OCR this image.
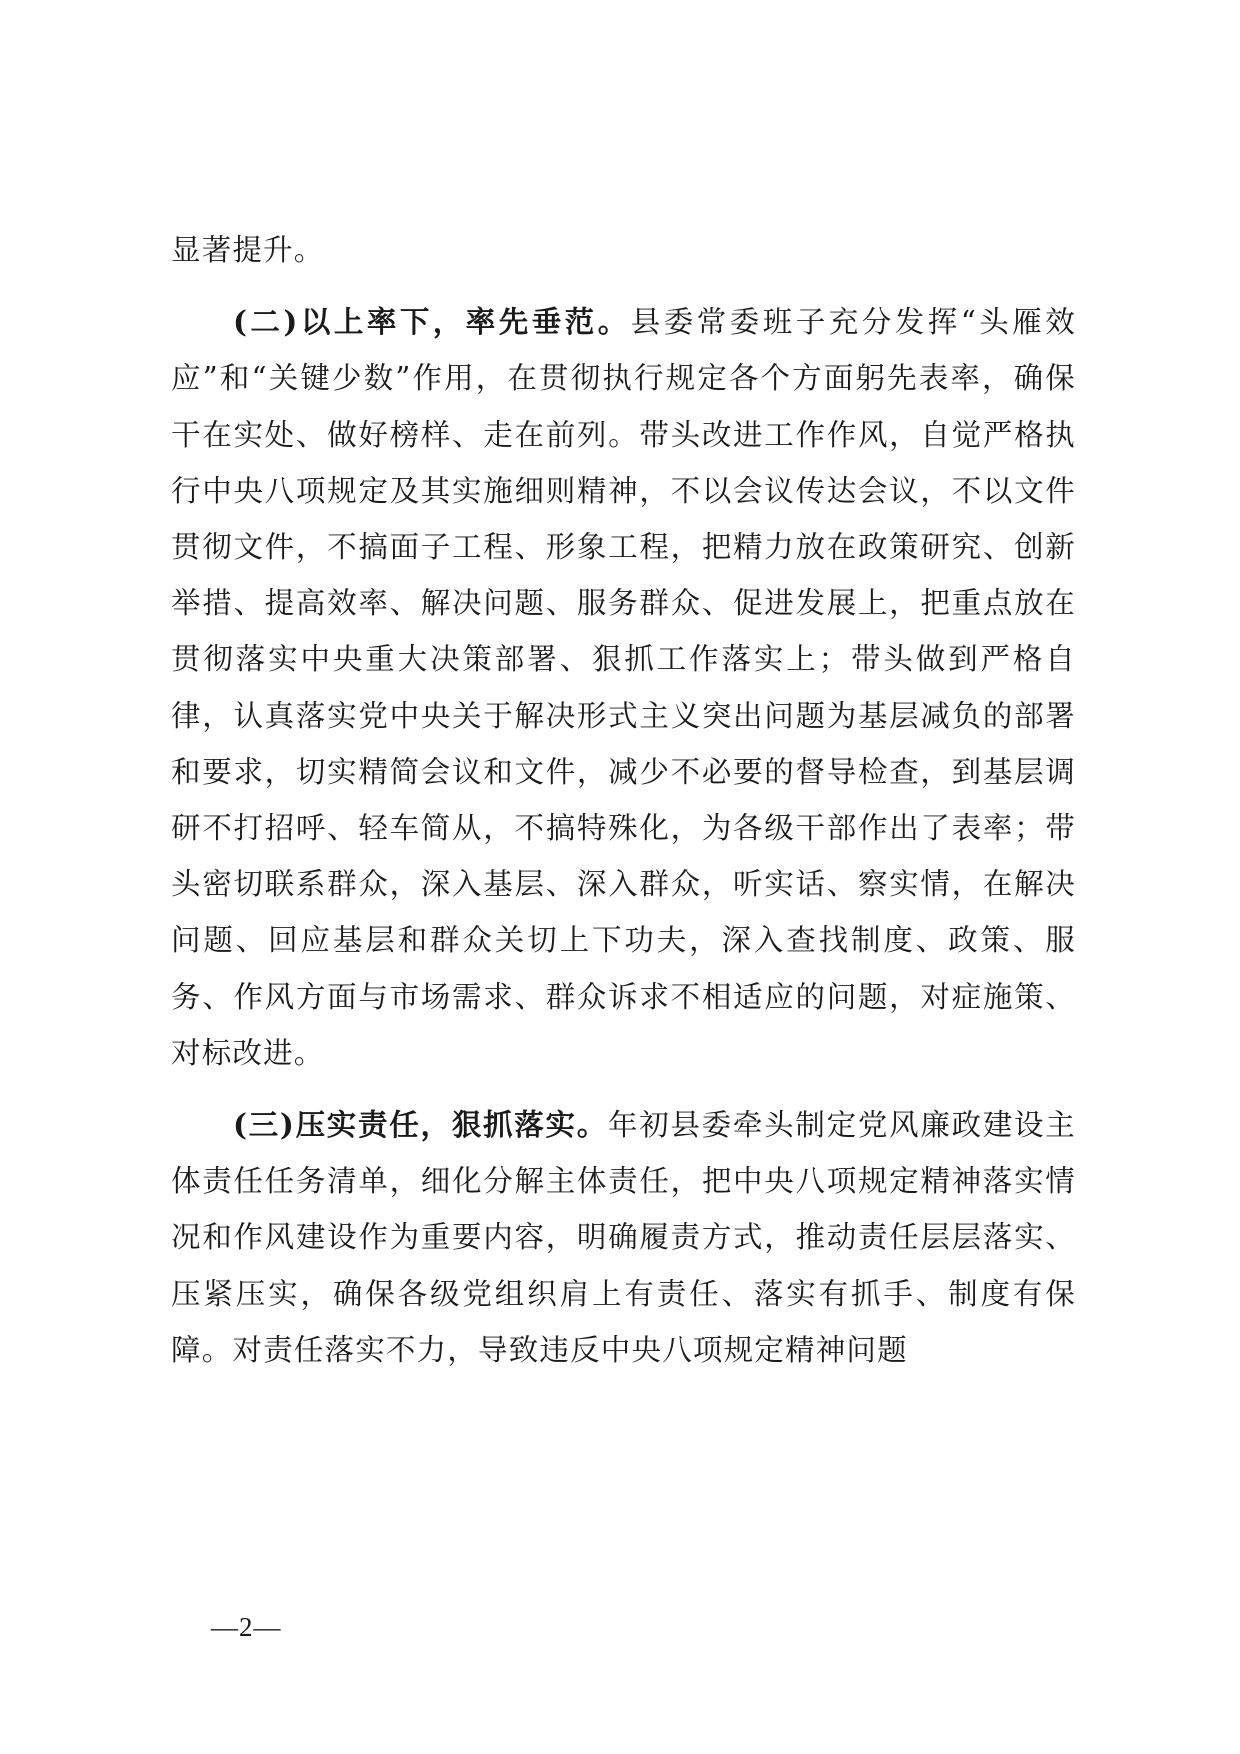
显著提升。

(二)以上率下，率先垂范。县委常委班子充分发挥“头雁效应”和“关键少数”作用，在贯彻执行规定各个方面躬先表率，确保干在实处、做好榜样、走在前列。带头改进工作作风，自觉严格执行中央八项规定及其实施细则精神，不以会议传达会议，不以文件贯彻文件，不搞面子工程、形象工程，把精力放在政策研究、创新举措、提高效率、解决问题、服务群众、促进发展上，把重点放在贯彻落实中央重大决策部署、狠抓工作落实上；带头做到严格自律，认真落实党中央关于解决形式主义突出问题为基层减负的部署和要求，切实精简会议和文件，减少不必要的督导检查，到基层调研不打招呼、轻车简从，不搞特殊化，为各级干部作出了表率；带头密切联系群众，深入基层、深入群众，听实话、察实情，在解决问题、回应基层和群众关切上下功夫，深入查找制度、政策、服务、作风方面与市场需求、群众诉求不相适应的问题，对症施策、对标改进。

(三)压实责任，狠抓落实。年初县委牵头制定党风廉政建设主体责任任务清单，细化分解主体责任，把中央八项规定精神落实情况和作风建设作为重要内容，明确履责方式，推动责任层层落实、压紧压实，确保各级党组织肩上有责任、落实有抓手、制度有保障。对责任落实不力，导致违反中央八项规定精神问题

—2—
